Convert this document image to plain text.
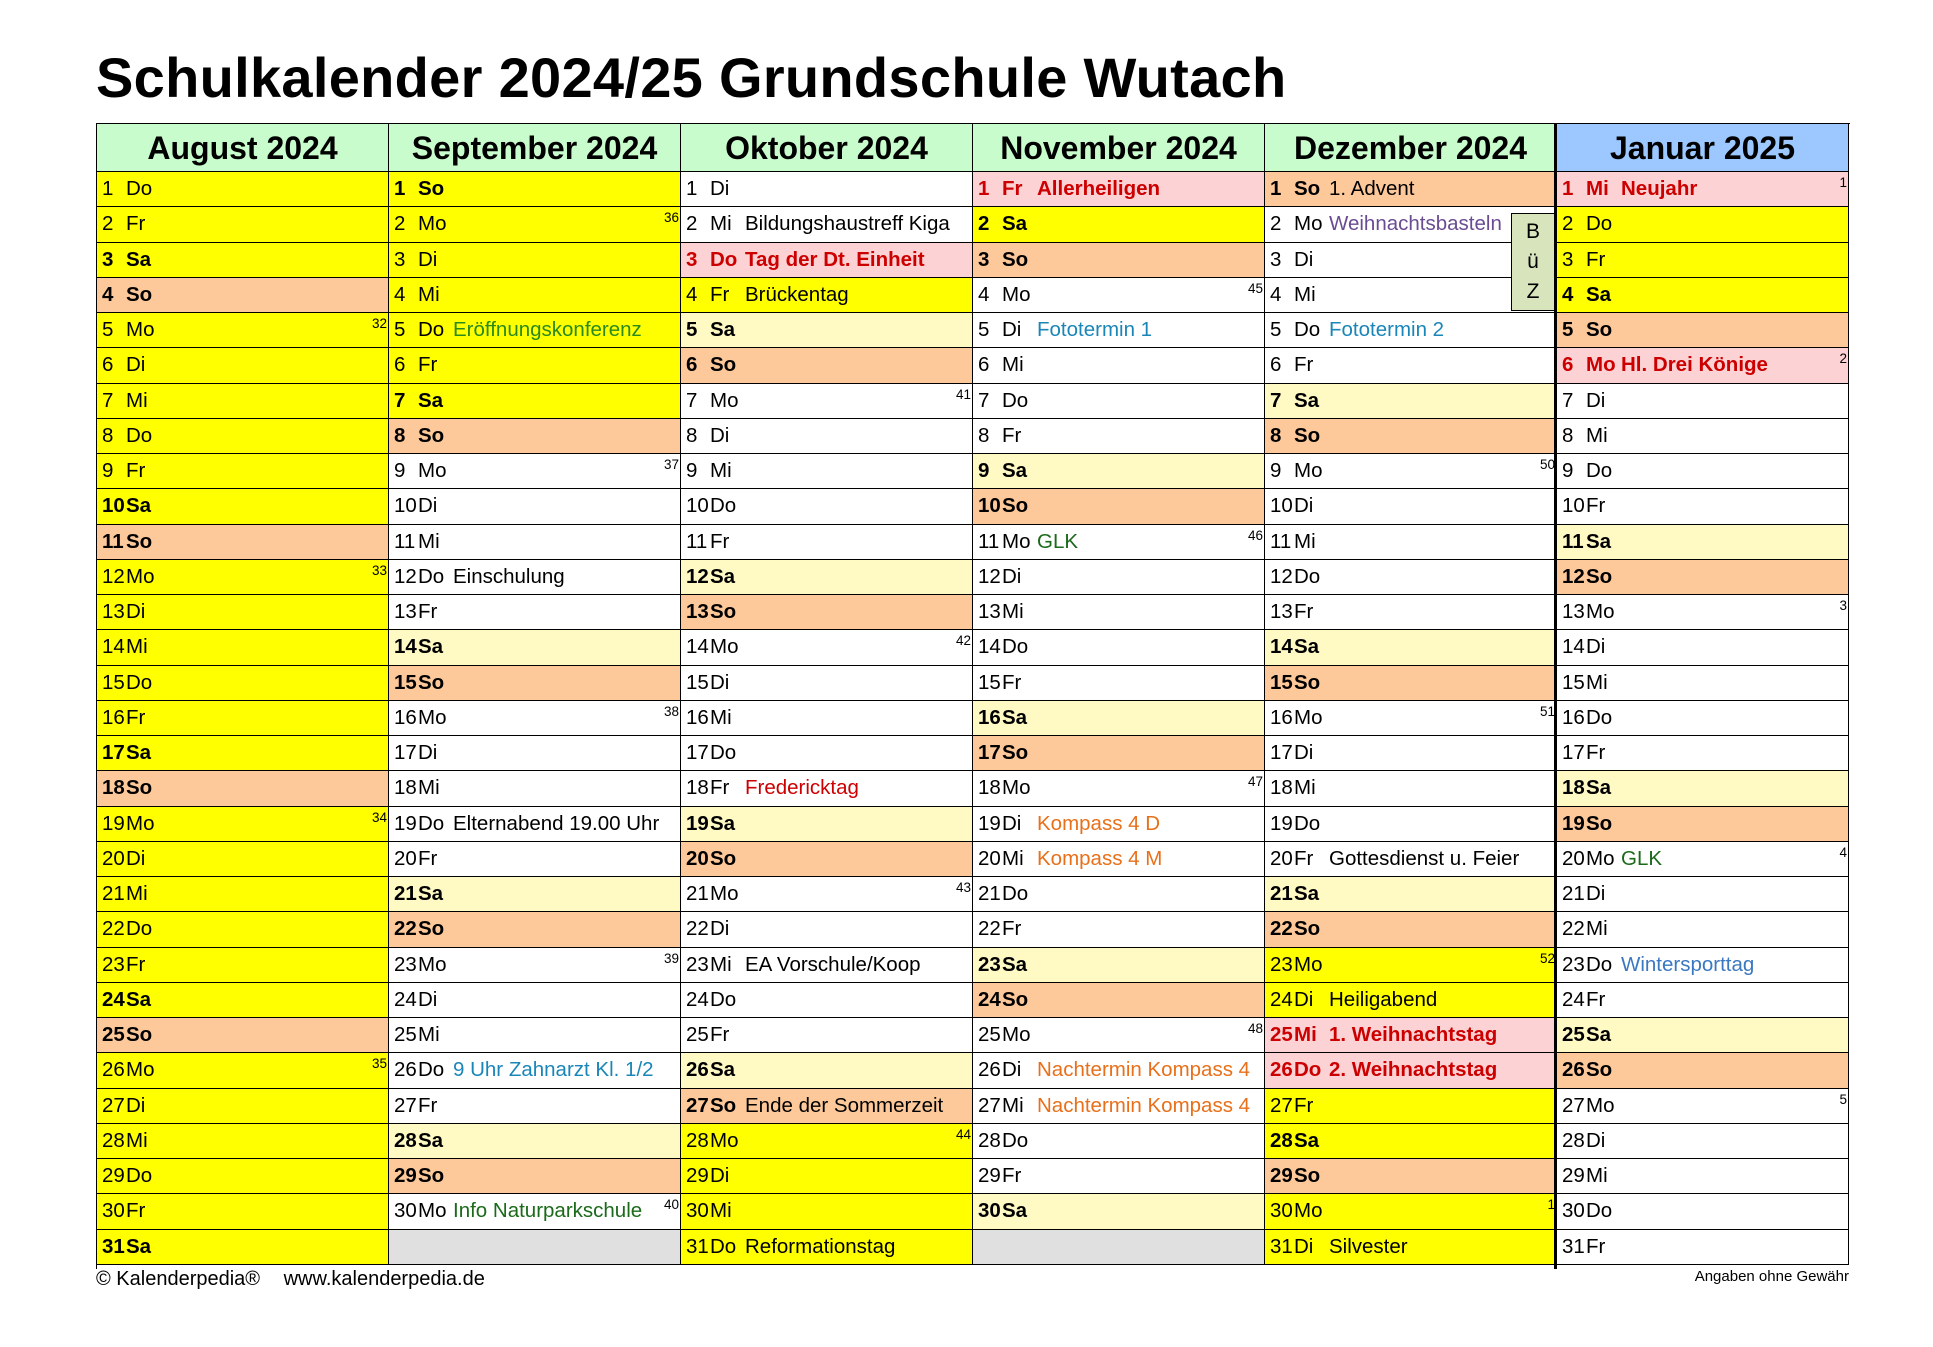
Schulkalender 2024/25 Grundschule Wutach
August 2024
1 Do
2 Fr
3 Sa
4 So
5 Mo	32
6 Di
7 Mi
8 Do
9 Fr
10 Sa
11 So
12 Mo	33
13 Di
14 Mi
15 Do
16 Fr
17 Sa
18 So
19 Mo	34
20 Di
21 Mi
22 Do
23 Fr
24 Sa
25 So
26 Mo	35
27 Di
28 Mi
29 Do
30 Fr
31 Sa
September 2024
1 So
2 Mo	36
3 Di
4 Mi
5 Do Eröffnungskonferenz
6 Fr
7 Sa
8 So
9 Mo	37
10 Di
11 Mi
12 Do Einschulung
13 Fr
14 Sa
15 So
16 Mo	38
17 Di
18 Mi
19 Do Elternabend 19.00 Uhr
20 Fr
21 Sa
22 So
23 Mo	39
24 Di
25 Mi
26 Do 9 Uhr Zahnarzt Kl. 1/2
27 Fr
28 Sa
29 So
30 Mo Info Naturparkschule 40
Oktober 2024
1 Di
2 Mi Bildungshaustreff Kiga
3 Do Tag der Dt. Einheit
4 Fr Brückentag
5 Sa
6 So
7 Mo	41
8 Di
9 Mi
10 Do
11 Fr
12 Sa
13 So
14 Mo	42
15 Di
16 Mi
17 Do
18 Fr Fredericktag
19 Sa
20 So
21 Mo	43
22 Di
23 Mi EA Vorschule/Koop
24 Do
25 Fr
26 Sa
27 So Ende der Sommerzeit
28 Mo	44
29 Di
30 Mi
31 Do Reformationstag
November 2024
1 Fr Allerheiligen
2 Sa
3 So
4 Mo	45
5 Di Fototermin 1
6 Mi
7 Do
8 Fr
9 Sa
10 So
11 Mo GLK	46
12 Di
13 Mi
14 Do
15 Fr
16 Sa
17 So
18 Mo	47
19 Di Kompass 4 D
20 Mi Kompass 4 M
21 Do
22 Fr
23 Sa
24 So
25 Mo	48
26 Di Nachtermin Kompass 4
27 Mi Nachtermin Kompass 4
28 Do
29 Fr
30 Sa
Dezember 2024
1 So 1. Advent
2 Mo Weihnachtsbasteln
3 Di
4 Mi
5 Do Fototermin 2
6 Fr
7 Sa
8 So
9 Mo	50
10 Di
11 Mi
12 Do
13 Fr
14 Sa
15 So
16 Mo	51
17 Di
18 Mi
19 Do
20 Fr Gottesdienst u. Feier
21 Sa
22 So
23 Mo	52
24 Di Heiligabend
25 Mi 1. Weihnachtstag
26 Do 2. Weihnachtstag
27 Fr
28 Sa
29 So
30 Mo	1
31 Di Silvester
Januar 2025
1 Mi Neujahr	1
2 Do
3 Fr
4 Sa
5 So
6 Mo Hl. Drei Könige	2
7 Di
8 Mi
9 Do
10 Fr
11 Sa
12 So
13 Mo	3
14 Di
15 Mi
16 Do
17 Fr
18 Sa
19 So
20 Mo GLK	4
21 Di
22 Mi
23 Do Wintersporttag
24 Fr
25 Sa
26 So
27 Mo	5
28 Di
29 Mi
30 Do
31 Fr
B
ü
Z
© Kalenderpedia® www.kalenderpedia.de	Angaben ohne Gewähr
